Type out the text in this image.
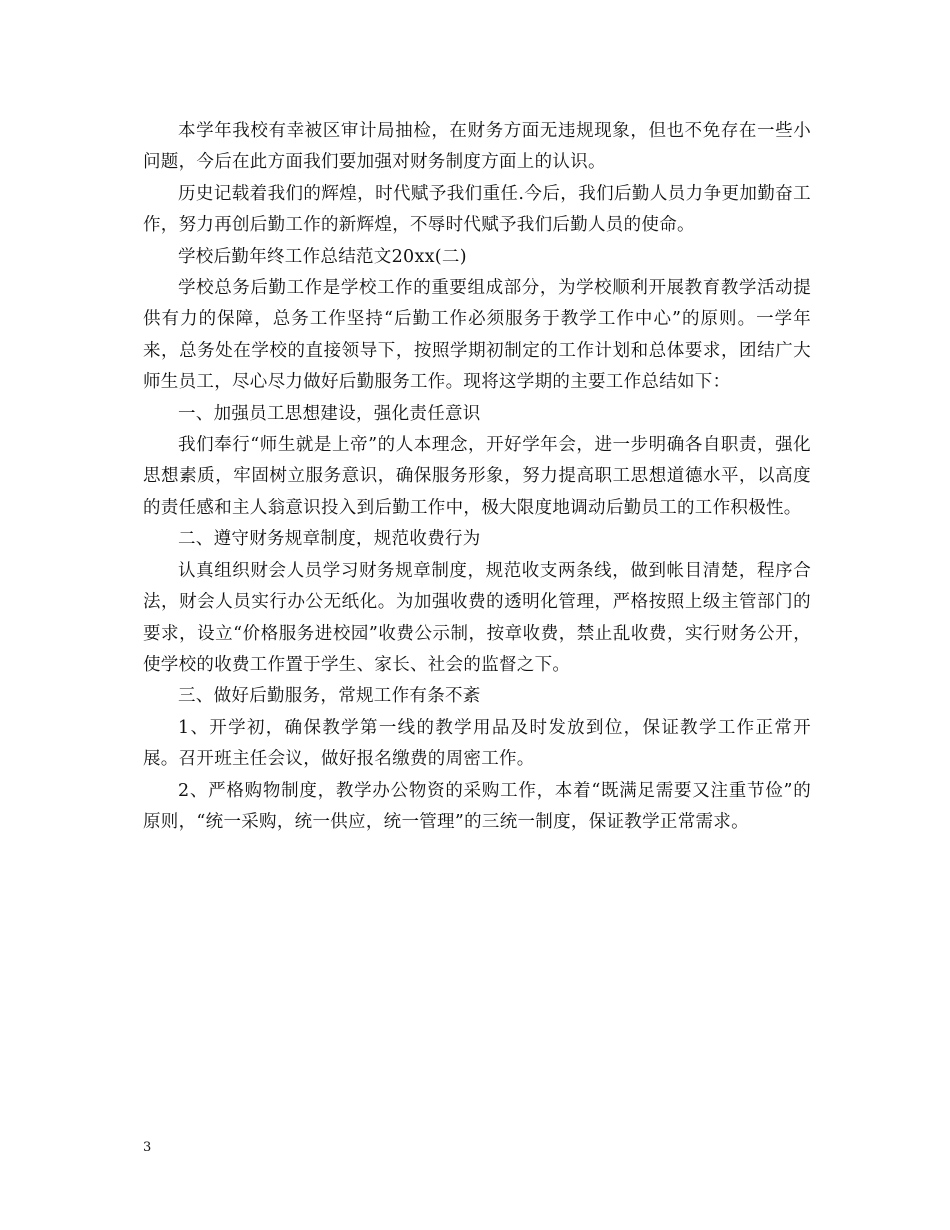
本学年我校有幸被区审计局抽检，在财务方面无违规现象，但也不免存在一些小问题，今后在此方面我们要加强对财务制度方面上的认识。

历史记载着我们的辉煌，时代赋予我们重任.今后，我们后勤人员力争更加勤奋工作，努力再创后勤工作的新辉煌，不辱时代赋予我们后勤人员的使命。

学校后勤年终工作总结范文20xx(二)

学校总务后勤工作是学校工作的重要组成部分，为学校顺利开展教育教学活动提供有力的保障，总务工作坚持“后勤工作必须服务于教学工作中心”的原则。一学年来，总务处在学校的直接领导下，按照学期初制定的工作计划和总体要求，团结广大师生员工，尽心尽力做好后勤服务工作。现将这学期的主要工作总结如下：

一、加强员工思想建设，强化责任意识

我们奉行“师生就是上帝”的人本理念，开好学年会，进一步明确各自职责，强化思想素质，牢固树立服务意识，确保服务形象，努力提高职工思想道德水平，以高度的责任感和主人翁意识投入到后勤工作中，极大限度地调动后勤员工的工作积极性。

二、遵守财务规章制度，规范收费行为

认真组织财会人员学习财务规章制度，规范收支两条线，做到帐目清楚，程序合法，财会人员实行办公无纸化。为加强收费的透明化管理，严格按照上级主管部门的要求，设立“价格服务进校园”收费公示制，按章收费，禁止乱收费，实行财务公开，使学校的收费工作置于学生、家长、社会的监督之下。

三、做好后勤服务，常规工作有条不紊

1、开学初，确保教学第一线的教学用品及时发放到位，保证教学工作正常开展。召开班主任会议，做好报名缴费的周密工作。

2、严格购物制度，教学办公物资的采购工作，本着“既满足需要又注重节俭”的原则，“统一采购，统一供应，统一管理”的三统一制度，保证教学正常需求。

3
